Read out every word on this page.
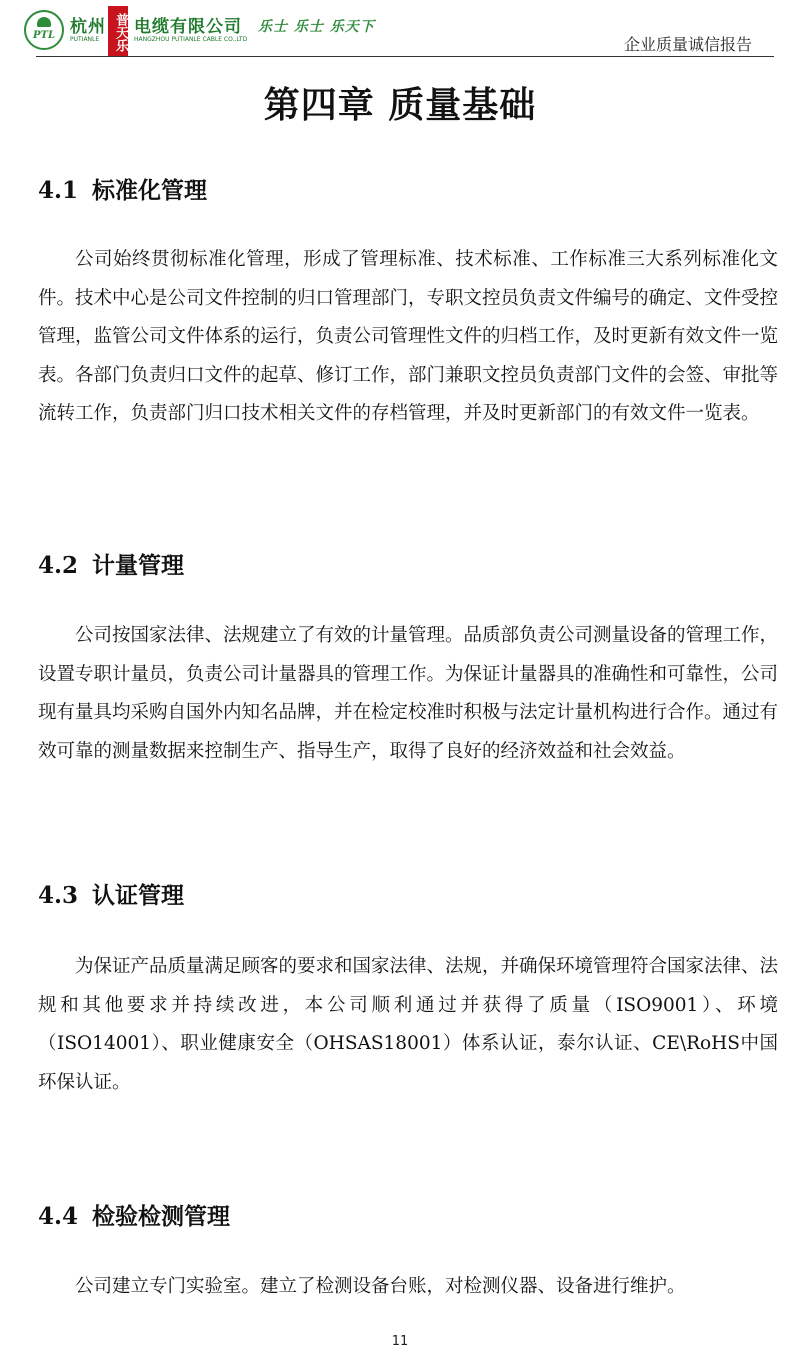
PTL 杭州
PUTIANLE	普天乐 电缆有限公司
HANGZHOU PUTIANLE CABLE CO.,LTD
乐士 乐士 乐天下
企业质量诚信报告
第四章 质量基础
4.1 标准化管理
公司始终贯彻标准化管理，形成了管理标准、技术标准、工作标准三大系列标准化文件。技术中心是公司文件控制的归口管理部门，专职文控员负责文件编号的确定、文件受控管理，监管公司文件体系的运行，负责公司管理性文件的归档工作，及时更新有效文件一览表。各部门负责归口文件的起草、修订工作，部门兼职文控员负责部门文件的会签、审批等流转工作，负责部门归口技术相关文件的存档管理，并及时更新部门的有效文件一览表。
4.2 计量管理
公司按国家法律、法规建立了有效的计量管理。品质部负责公司测量设备的管理工作，设置专职计量员，负责公司计量器具的管理工作。为保证计量器具的准确性和可靠性，公司现有量具均采购自国外内知名品牌，并在检定校准时积极与法定计量机构进行合作。通过有效可靠的测量数据来控制生产、指导生产，取得了良好的经济效益和社会效益。
4.3 认证管理
为保证产品质量满足顾客的要求和国家法律、法规，并确保环境管理符合国家法律、法规和其他要求并持续改进，本公司顺利通过并获得了质量（ISO9001）、环境（ISO14001）、职业健康安全（OHSAS18001）体系认证，泰尔认证、CE\RoHS中国环保认证。
4.4 检验检测管理
公司建立专门实验室。建立了检测设备台账，对检测仪器、设备进行维护。
11
